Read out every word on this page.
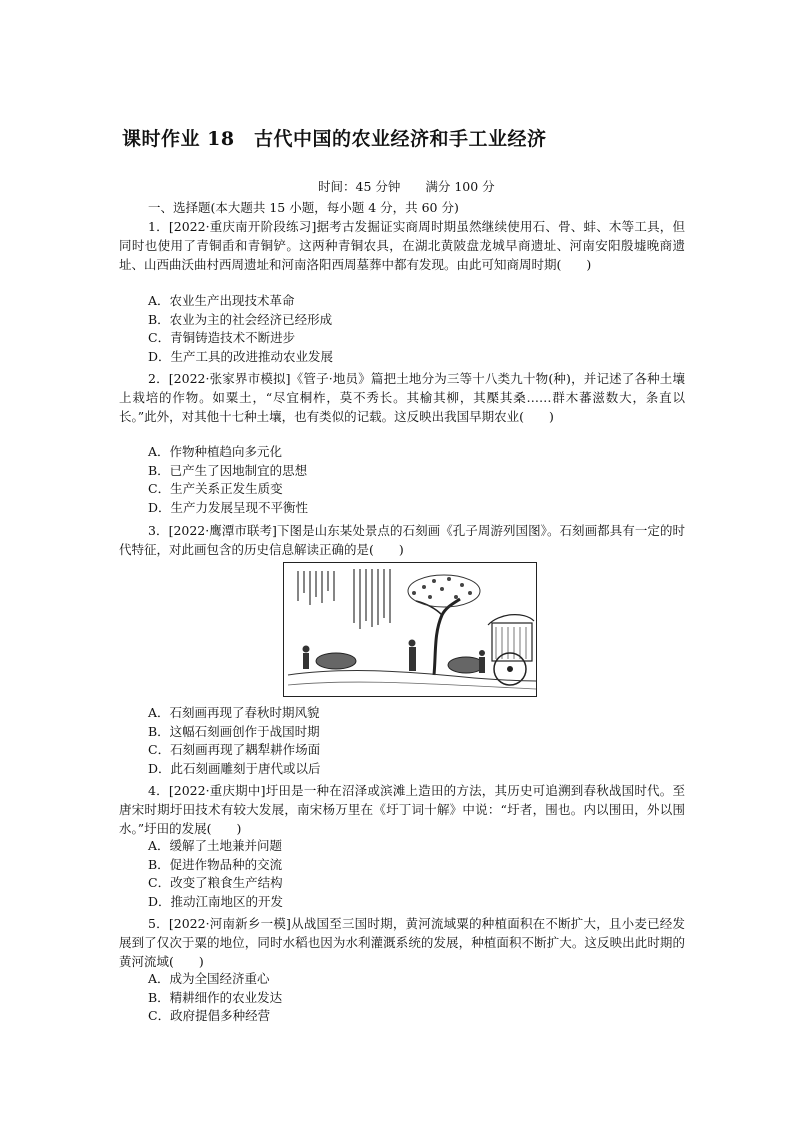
课时作业 18　古代中国的农业经济和手工业经济
时间：45 分钟　　满分 100 分
一、选择题(本大题共 15 小题，每小题 4 分，共 60 分)

1．[2022·重庆南开阶段练习]据考古发掘证实商周时期虽然继续使用石、骨、蚌、木等工具，但同时也使用了青铜臿和青铜铲。这两种青铜农具，在湖北黄陂盘龙城早商遗址、河南安阳殷墟晚商遗址、山西曲沃曲村西周遗址和河南洛阳西周墓葬中都有发现。由此可知商周时期(　　)

A．农业生产出现技术革命
B．农业为主的社会经济已经形成
C．青铜铸造技术不断进步
D．生产工具的改进推动农业发展

2．[2022·张家界市模拟]《管子·地员》篇把土地分为三等十八类九十物(种)，并记述了各种土壤上栽培的作物。如粟土，“尽宜桐柞，莫不秀长。其榆其柳，其檿其桑……群木蕃滋数大，条直以长。”此外，对其他十七种土壤，也有类似的记载。这反映出我国早期农业(　　)

A．作物种植趋向多元化
B．已产生了因地制宜的思想
C．生产关系正发生质变
D．生产力发展呈现不平衡性

3．[2022·鹰潭市联考]下图是山东某处景点的石刻画《孔子周游列国图》。石刻画都具有一定的时代特征，对此画包含的历史信息解读正确的是(　　)

A．石刻画再现了春秋时期风貌
B．这幅石刻画创作于战国时期
C．石刻画再现了耦犁耕作场面
D．此石刻画雕刻于唐代或以后

4．[2022·重庆期中]圩田是一种在沼泽或滨滩上造田的方法，其历史可追溯到春秋战国时代。至唐宋时期圩田技术有较大发展，南宋杨万里在《圩丁词十解》中说：“圩者，围也。内以围田，外以围水。”圩田的发展(　　)

A．缓解了土地兼并问题
B．促进作物品种的交流
C．改变了粮食生产结构
D．推动江南地区的开发

5．[2022·河南新乡一模]从战国至三国时期，黄河流域粟的种植面积在不断扩大，且小麦已经发展到了仅次于粟的地位，同时水稻也因为水利灌溉系统的发展，种植面积不断扩大。这反映出此时期的黄河流域(　　)

A．成为全国经济重心
B．精耕细作的农业发达
C．政府提倡多种经营
